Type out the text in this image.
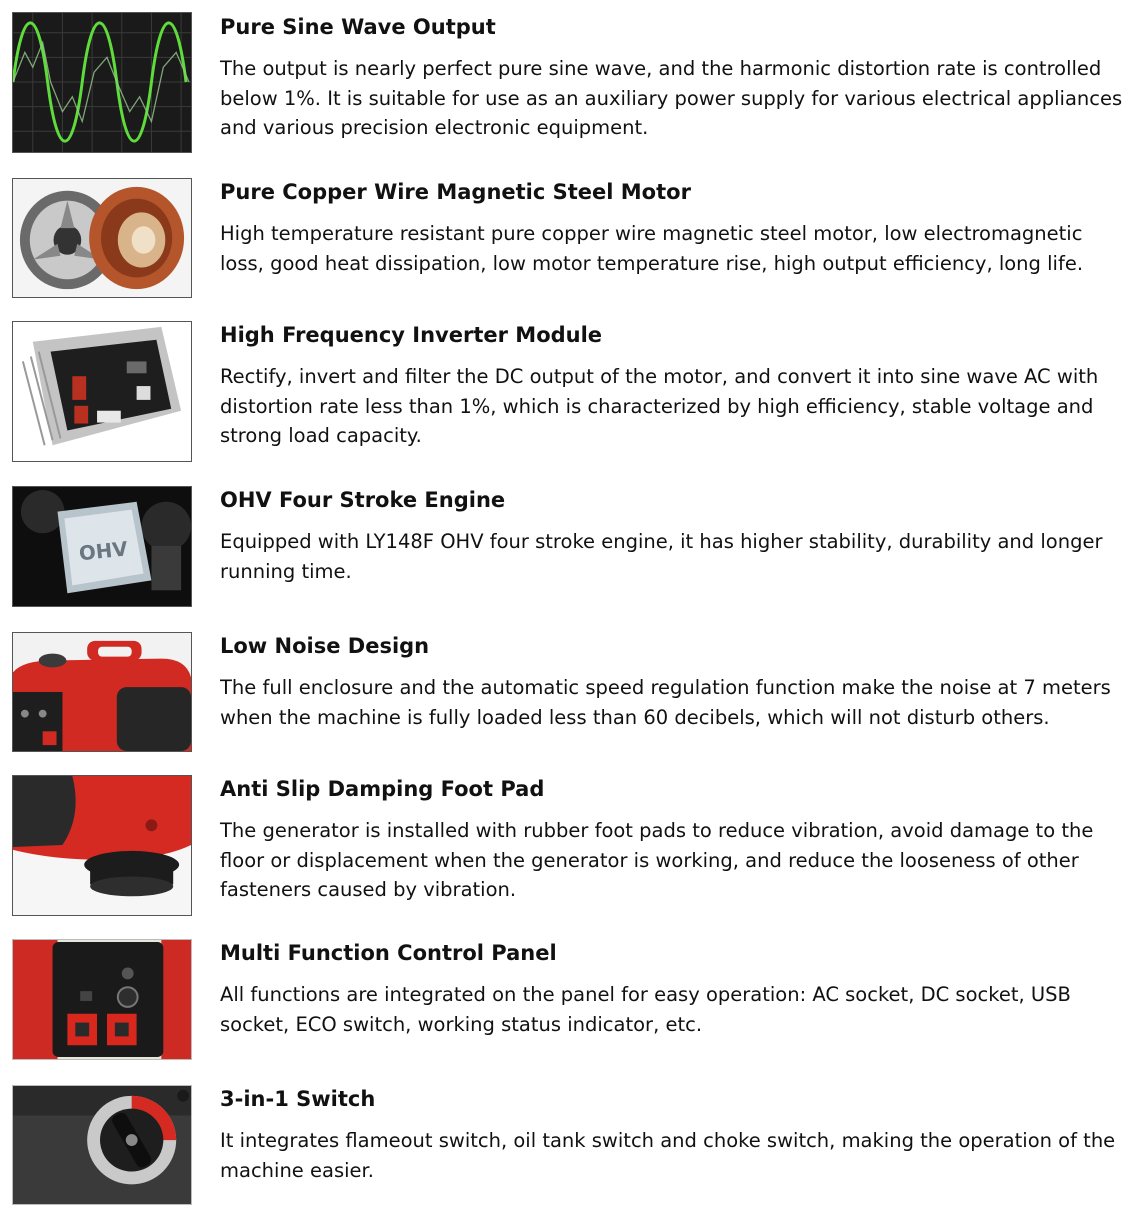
Pure Sine Wave Output

The output is nearly perfect pure sine wave, and the harmonic distortion rate is controlled below 1%. It is suitable for use as an auxiliary power supply for various electrical appliances and various precision electronic equipment.

Pure Copper Wire Magnetic Steel Motor

High temperature resistant pure copper wire magnetic steel motor, low electromagnetic loss, good heat dissipation, low motor temperature rise, high output efficiency, long life.

High Frequency Inverter Module

Rectify, invert and filter the DC output of the motor, and convert it into sine wave AC with distortion rate less than 1%, which is characterized by high efficiency, stable voltage and strong load capacity.

OHV

OHV Four Stroke Engine

Equipped with LY148F OHV four stroke engine, it has higher stability, durability and longer running time.

Low Noise Design

The full enclosure and the automatic speed regulation function make the noise at 7 meters when the machine is fully loaded less than 60 decibels, which will not disturb others.

Anti Slip Damping Foot Pad

The generator is installed with rubber foot pads to reduce vibration, avoid damage to the floor or displacement when the generator is working, and reduce the looseness of other fasteners caused by vibration.

Multi Function Control Panel

All functions are integrated on the panel for easy operation: AC socket, DC socket, USB socket, ECO switch, working status indicator, etc.

3-in-1 Switch

It integrates flameout switch, oil tank switch and choke switch, making the operation of the machine easier.
